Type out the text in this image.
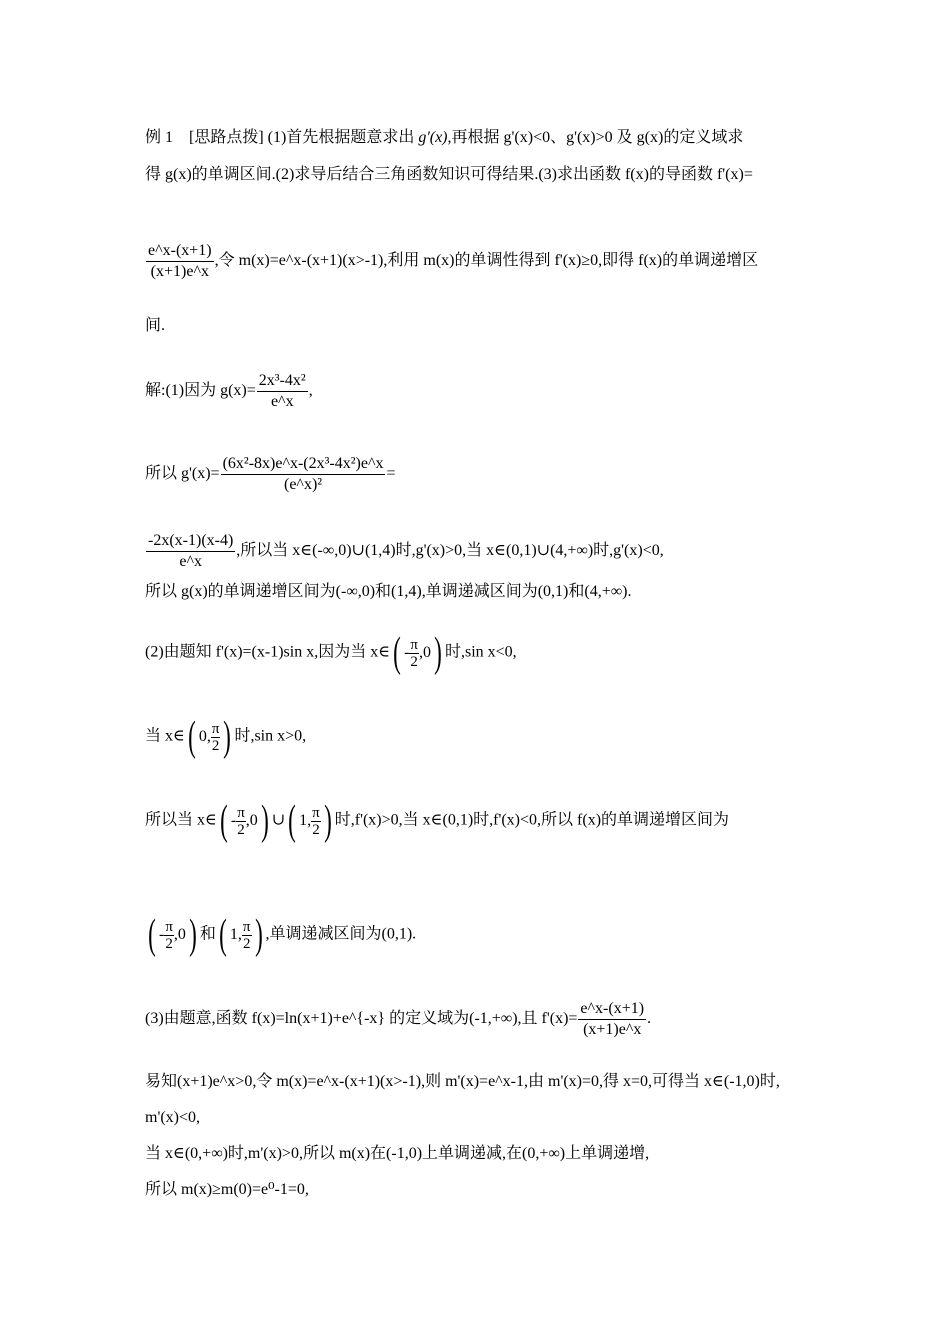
例 1　[思路点拨] (1)首先根据题意求出 g'(x),再根据 g'(x)<0、g'(x)>0 及 g(x)的定义域求
得 g(x)的单调区间.(2)求导后结合三角函数知识可得结果.(3)求出函数 f(x)的导函数 f'(x)=
$\frac{e\^{}x-(x+1)}{(x+1)e\^{}x}$ ,令 m(x)=e^x-(x+1)(x>-1),利用 m(x)的单调性得到 f'(x)≥0,即得 f(x)的单调递增区
间.
解:(1)因为 $g(x)= \frac{\text{2x³-4x²}}{e\^{}x}$ ,
所以 $g'(x)= \frac{\text{(6x²-8x)e\textasciicircum{}x-(2x³-4x²)e\textasciicircum{}x}}{\text{(e\textasciicircum{}x)²}}$ =
$\frac{-2x(x-1)(x-4)}{e\^{}x}$ ,所以当 x∈(-∞,0)∪(1,4)时,g'(x)>0,当 x∈(0,1)∪(4,+∞)时,g'(x)<0,
所以 g(x)的单调递增区间为(-∞,0)和(1,4),单调递减区间为(0,1)和(4,+∞).
(2)由题知 f'(x)=(x-1)sin x,因为当 x∈( - $\frac{\pi}{2} ,0$) 时,sin x<0,
当 x∈( 0, $\frac{\pi}{2}$ ) 时,sin x>0,
所以当 x∈( - $\frac{\pi}{2} ,0$) ∪( 1, $\frac{\pi}{2}$ ) 时,f'(x)>0,当 x∈(0,1)时,f'(x)<0,所以 f(x)的单调递增区间为
( - $\frac{\pi}{2} ,0$) 和( 1, $\frac{\pi}{2}$ ) ,单调递减区间为(0,1).
(3)由题意,函数 f(x)=ln(x+1)+e^{-x} 的定义域为(-1,+∞),且 $f'(x)= \frac{e\^{}x-(x+1)}{(x+1)e\^{}x}$ .
易知(x+1)e^x>0,令 m(x)=e^x-(x+1)(x>-1),则 m'(x)=e^x-1,由 m'(x)=0,得 x=0,可得当 x∈(-1,0)时,
m'(x)<0,
当 x∈(0,+∞)时,m'(x)>0,所以 m(x)在(-1,0)上单调递减,在(0,+∞)上单调递增,
所以 m(x)≥m(0)=e⁰-1=0,
